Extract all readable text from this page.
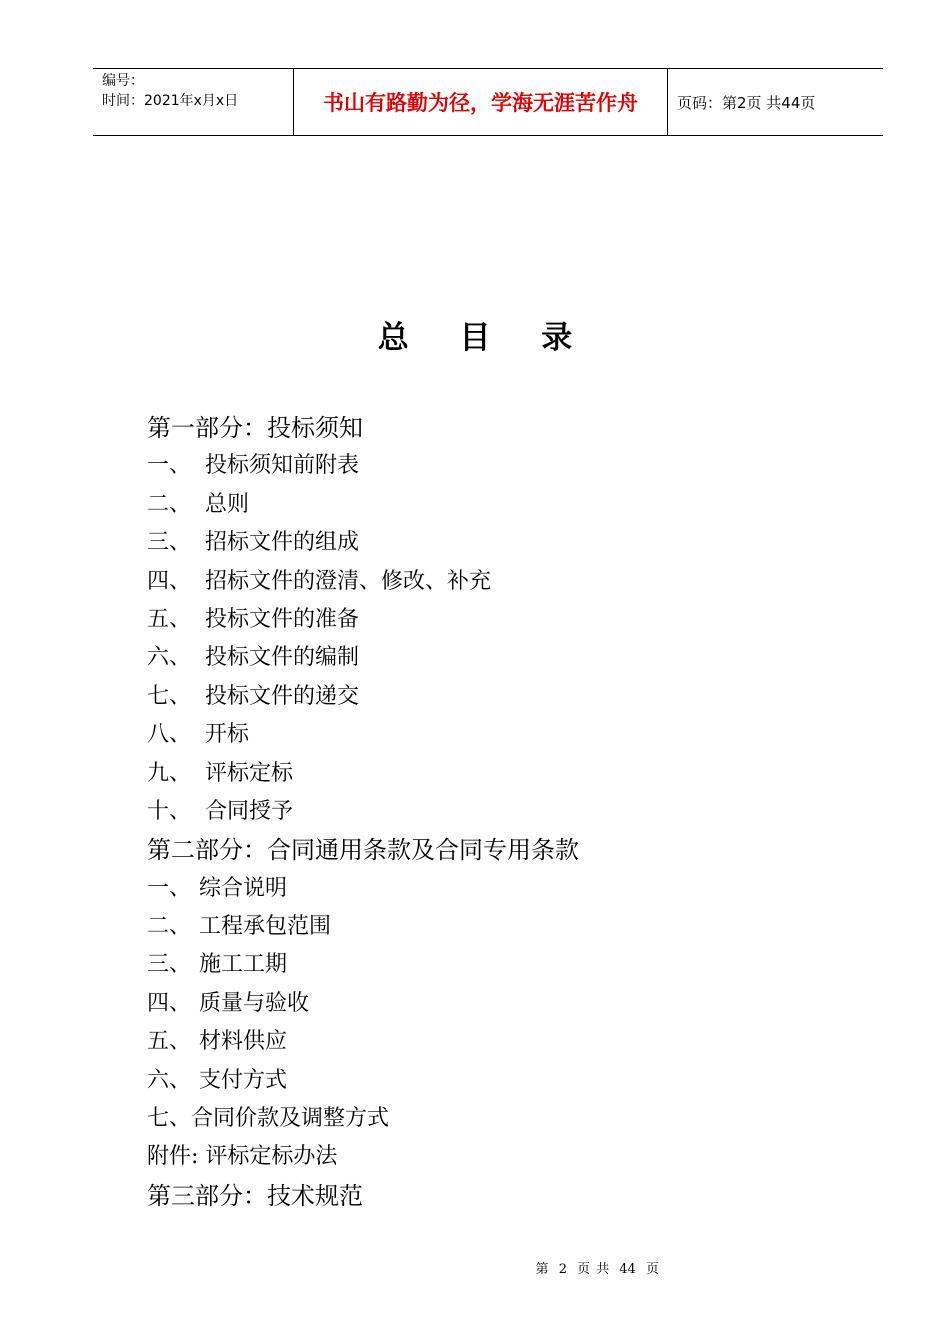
编号：
时间：2021年x月x日	书山有路勤为径，学海无涯苦作舟	页码：第2页 共44页
总 目 录
第一部分：投标须知
一、 投标须知前附表
二、 总则
三、 招标文件的组成
四、 招标文件的澄清、修改、补充
五、 投标文件的准备
六、 投标文件的编制
七、 投标文件的递交
八、 开标
九、 评标定标
十、 合同授予
第二部分：合同通用条款及合同专用条款
一、 综合说明
二、 工程承包范围
三、 施工工期
四、 质量与验收
五、 材料供应
六、 支付方式
七、合同价款及调整方式
附件: 评标定标办法
第三部分：技术规范
第 2 页 共 44 页
